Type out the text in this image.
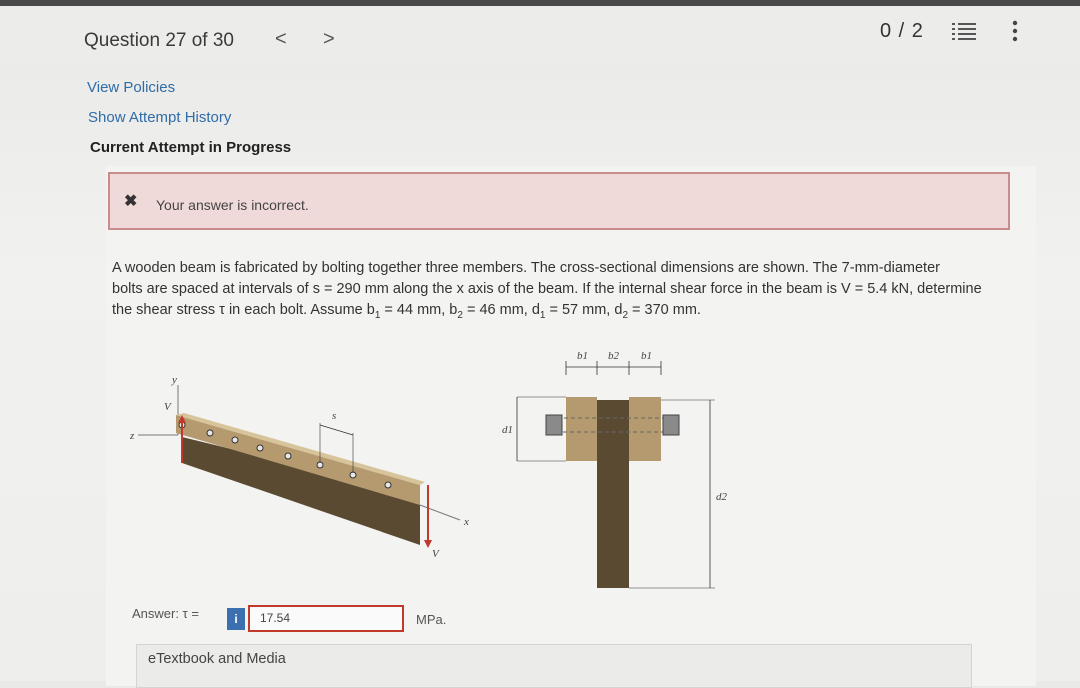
Question 27 of 30 < >	0 / 2
View Policies
Show Attempt History
Current Attempt in Progress
✖ Your answer is incorrect.
A wooden beam is fabricated by bolting together three members. The cross-sectional dimensions are shown. The 7-mm-diameter
bolts are spaced at intervals of s = 290 mm along the x axis of the beam. If the internal shear force in the beam is V = 5.4 kN, determine
the shear stress τ in each bolt. Assume $b_1 = 44$ mm, $b_2 = 46$ mm, $d_1 = 57$ mm, $d_2 = 370$ mm.
y
z
x
V
V
s
b1 b2 b1
d1
d2
Answer: τ =	i	17.54	MPa.
eTextbook and Media
